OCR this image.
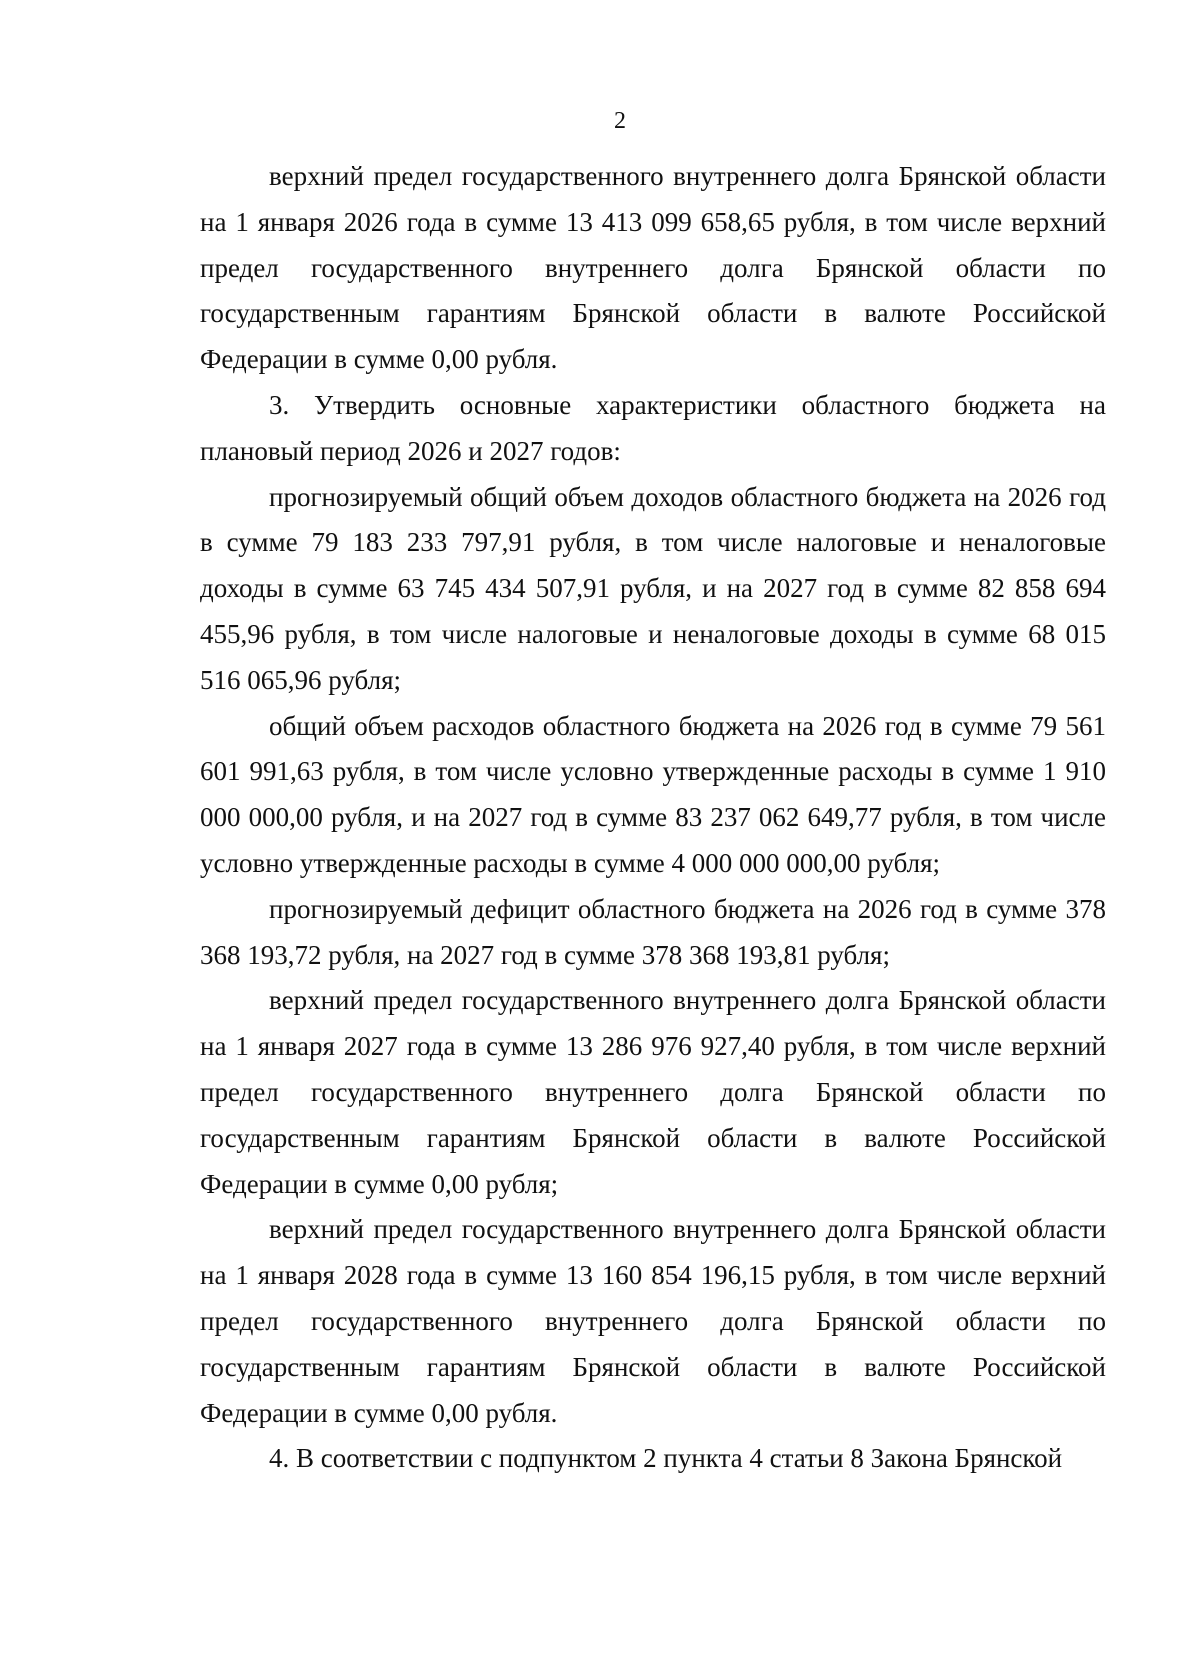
2

верхний предел государственного внутреннего долга Брянской области на 1 января 2026 года в сумме 13 413 099 658,65 рубля, в том числе верхний предел государственного внутреннего долга Брянской области по государственным гарантиям Брянской области в валюте Российской Федерации в сумме 0,00 рубля.

3. Утвердить основные характеристики областного бюджета на плановый период 2026 и 2027 годов:

прогнозируемый общий объем доходов областного бюджета на 2026 год в сумме 79 183 233 797,91 рубля, в том числе налоговые и неналоговые доходы в сумме 63 745 434 507,91 рубля, и на 2027 год в сумме 82 858 694 455,96 рубля, в том числе налоговые и неналоговые доходы в сумме 68 015 516 065,96 рубля;

общий объем расходов областного бюджета на 2026 год в сумме 79 561 601 991,63 рубля, в том числе условно утвержденные расходы в сумме 1 910 000 000,00 рубля, и на 2027 год в сумме 83 237 062 649,77 рубля, в том числе условно утвержденные расходы в сумме 4 000 000 000,00 рубля;

прогнозируемый дефицит областного бюджета на 2026 год в сумме 378 368 193,72 рубля, на 2027 год в сумме 378 368 193,81 рубля;

верхний предел государственного внутреннего долга Брянской области на 1 января 2027 года в сумме 13 286 976 927,40 рубля, в том числе верхний предел государственного внутреннего долга Брянской области по государственным гарантиям Брянской области в валюте Российской Федерации в сумме 0,00 рубля;

верхний предел государственного внутреннего долга Брянской области на 1 января 2028 года в сумме 13 160 854 196,15 рубля, в том числе верхний предел государственного внутреннего долга Брянской области по государственным гарантиям Брянской области в валюте Российской Федерации в сумме 0,00 рубля.

4. В соответствии с подпунктом 2 пункта 4 статьи 8 Закона Брянской
